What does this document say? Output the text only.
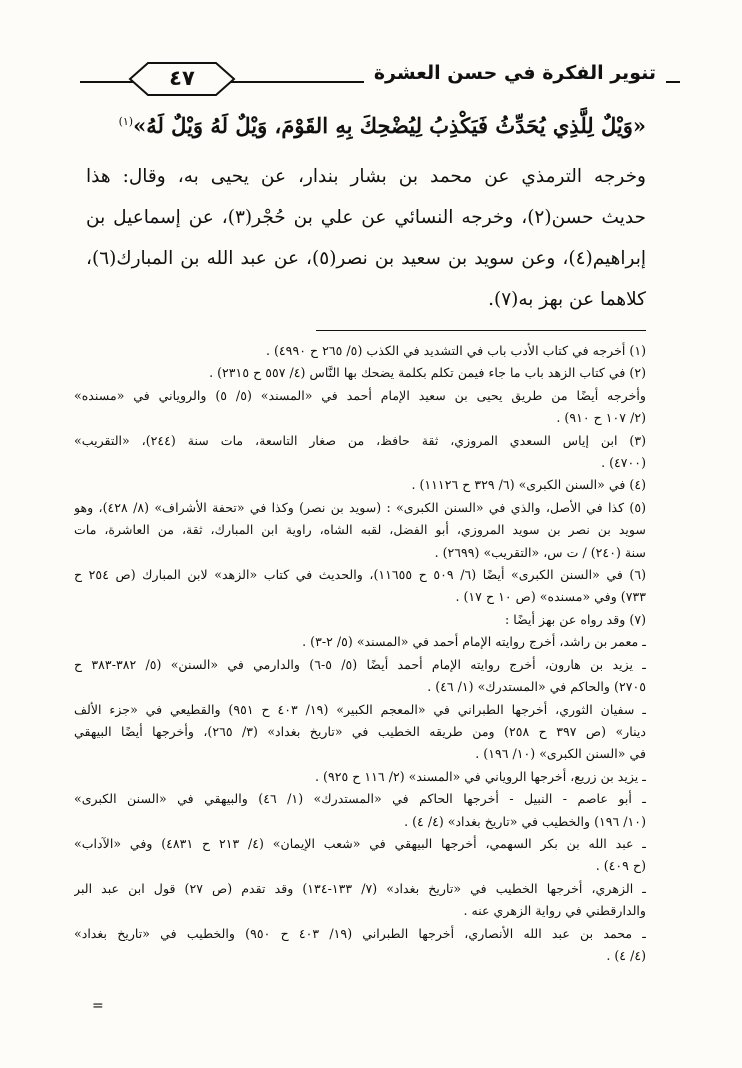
تنوير الفكرة في حسن العشرة
٤٧
«وَيْلٌ لِلَّذِي يُحَدِّثُ فَيَكْذِبُ لِيُضْحِكَ بِهِ القَوْمَ، وَيْلٌ لَهُ وَيْلٌ لَهُ»$^{(١)}$
وخرجه الترمذي عن محمد بن بشار بندار، عن يحيى به، وقال: هذا
حديث حسن(٢)، وخرجه النسائي عن علي بن حُجْر(٣)، عن إسماعيل بن
إبراهيم(٤)، وعن سويد بن سعيد بن نصر(٥)، عن عبد الله بن المبارك(٦)،
كلاهما عن بهز به(٧).
(١) أخرجه في كتاب الأدب باب في التشديد في الكذب (٥/ ٢٦٥ ح ٤٩٩٠) .
(٢) في كتاب الزهد باب ما جاء فيمن تكلم بكلمة يضحك بها النَّاس (٤/ ٥٥٧ ح ٢٣١٥) .
وأخرجه أيضًا من طريق يحيى بن سعيد الإمام أحمد في «المسند» (٥/ ٥) والروياني في «مسنده»
(٢/ ١٠٧ ح ٩١٠) .
(٣) ابن إياس السعدي المروزي، ثقة حافظ، من صغار التاسعة، مات سنة (٢٤٤)، «التقريب»
(٤٧٠٠) .
(٤) في «السنن الكبرى» (٦/ ٣٢٩ ح ١١١٢٦) .
(٥) كذا في الأصل، والذي في «السنن الكبرى» : (سويد بن نصر) وكذا في «تحفة الأشراف» (٨/ ٤٢٨)، وهو
سويد بن نصر بن سويد المروزي، أبو الفضل، لقبه الشاه، راوية ابن المبارك، ثقة، من العاشرة، مات
سنة (٢٤٠) / ت س، «التقريب» (٢٦٩٩) .
(٦) في «السنن الكبرى» أيضًا (٦/ ٥٠٩ ح ١١٦٥٥)، والحديث في كتاب «الزهد» لابن المبارك (ص ٢٥٤ ح
٧٣٣) وفي «مسنده» (ص ١٠ ح ١٧) .
(٧) وقد رواه عن بهز أيضًا :
ـ معمر بن راشد، أخرج روايته الإمام أحمد في «المسند» (٥/ ٢-٣) .
ـ يزيد بن هارون، أخرج روايته الإمام أحمد أيضًا (٥/ ٥-٦) والدارمي في «السنن» (٥/ ٣٨٢-٣٨٣ ح
٢٧٠٥) والحاكم في «المستدرك» (١/ ٤٦) .
ـ سفيان الثوري، أخرجها الطبراني في «المعجم الكبير» (١٩/ ٤٠٣ ح ٩٥١) والقطيعي في «جزء الألف
دينار» (ص ٣٩٧ ح ٢٥٨) ومن طريقه الخطيب في «تاريخ بغداد» (٣/ ٢٦٥)، وأخرجها أيضًا البيهقي
في «السنن الكبرى» (١٠/ ١٩٦) .
ـ يزيد بن زريع، أخرجها الروياني في «المسند» (٢/ ١١٦ ح ٩٢٥) .
ـ أبو عاصم - النبيل - أخرجها الحاكم في «المستدرك» (١/ ٤٦) والبيهقي في «السنن الكبرى»
(١٠/ ١٩٦) والخطيب في «تاريخ بغداد» (٤/ ٤) .
ـ عبد الله بن بكر السهمي، أخرجها البيهقي في «شعب الإيمان» (٤/ ٢١٣ ح ٤٨٣١) وفي «الآداب»
(ح ٤٠٩) .
ـ الزهري، أخرجها الخطيب في «تاريخ بغداد» (٧/ ١٣٣-١٣٤) وقد تقدم (ص ٢٧) قول ابن عبد البر
والدارقطني في رواية الزهري عنه .
ـ محمد بن عبد الله الأنصاري، أخرجها الطبراني (١٩/ ٤٠٣ ح ٩٥٠) والخطيب في «تاريخ بغداد»
(٤/ ٤) .
=
